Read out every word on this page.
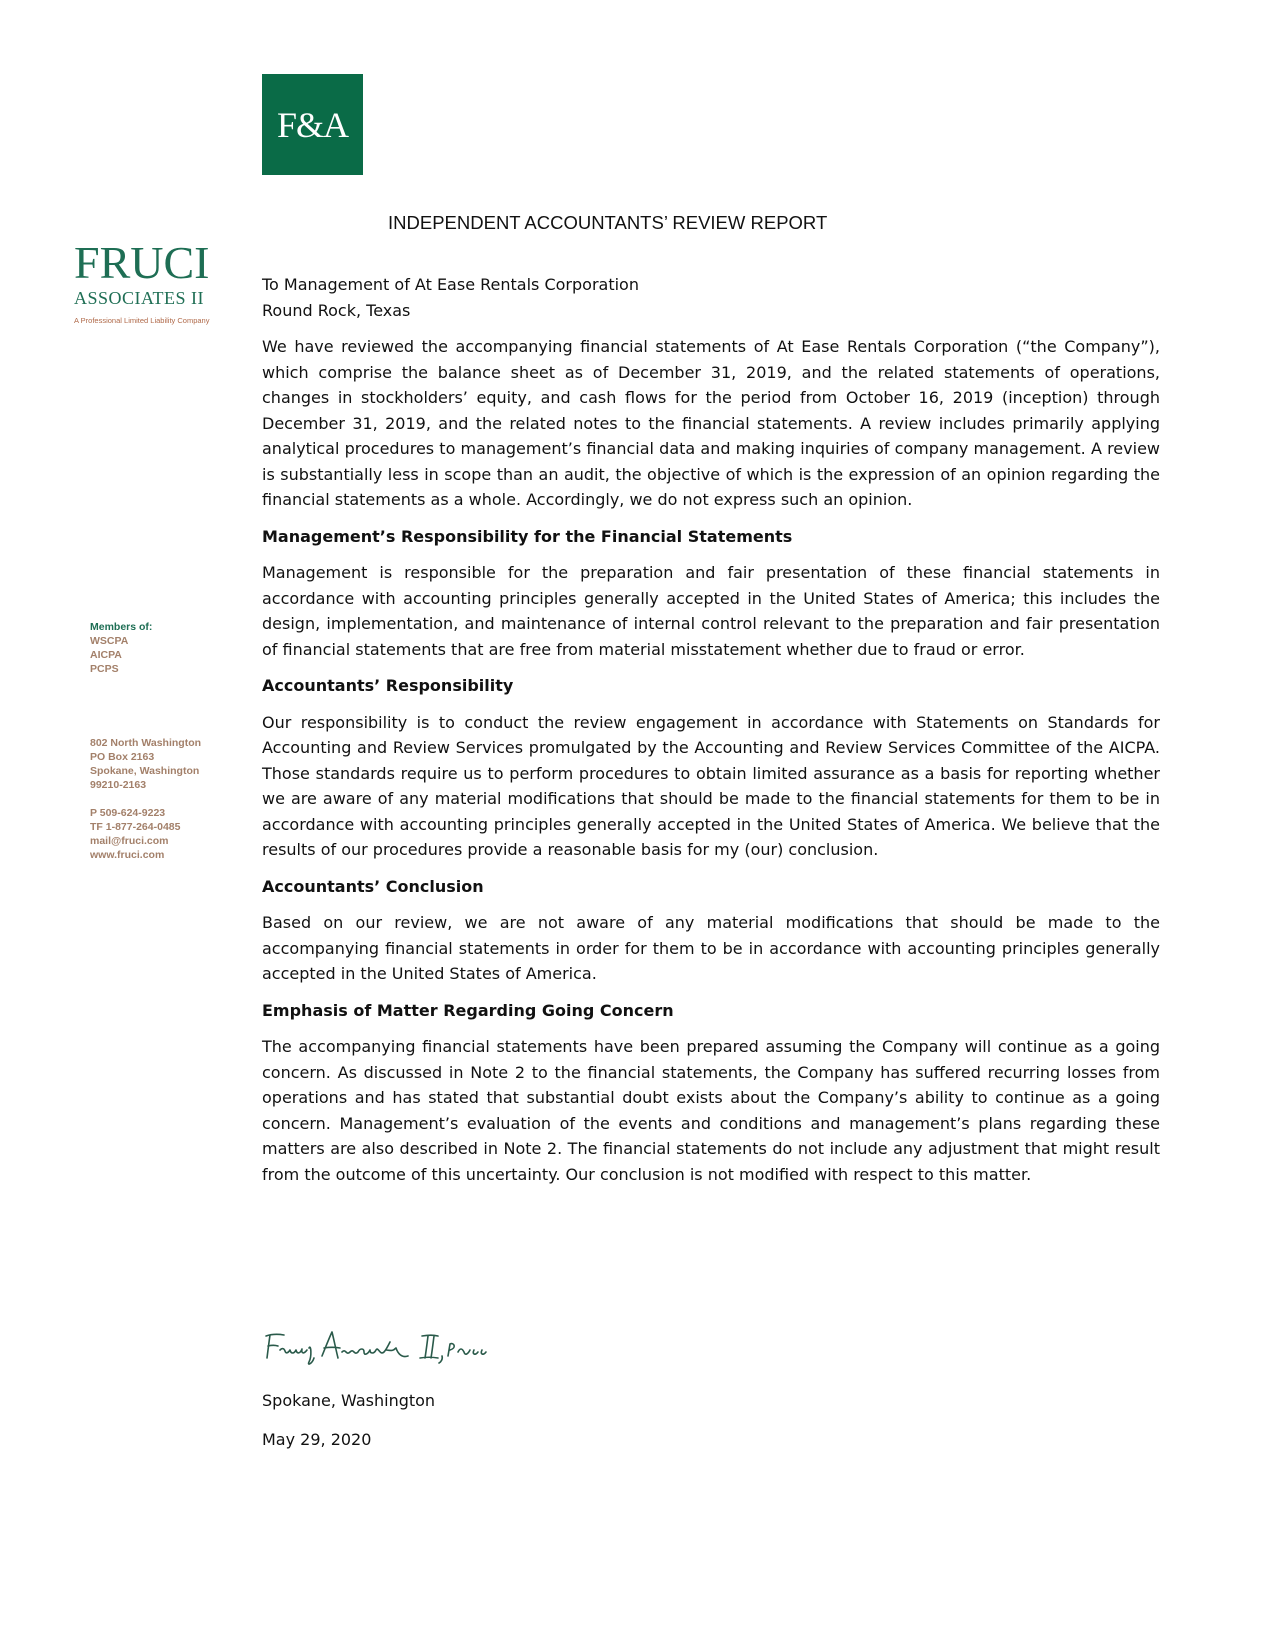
F&A
FRUCI
ASSOCIATES II
A Professional Limited Liability Company
Members of:
WSCPA
AICPA
PCPS
802 North Washington
PO Box 2163
Spokane, Washington
99210-2163
P 509-624-9223
TF 1-877-264-0485
mail@fruci.com
www.fruci.com
INDEPENDENT ACCOUNTANTS’ REVIEW REPORT

To Management of At Ease Rentals Corporation
Round Rock, Texas

We have reviewed the accompanying financial statements of At Ease Rentals Corporation (“the Company”), which comprise the balance sheet as of December 31, 2019, and the related statements of operations, changes in stockholders’ equity, and cash flows for the period from October 16, 2019 (inception) through December 31, 2019, and the related notes to the financial statements. A review includes primarily applying analytical procedures to management’s financial data and making inquiries of company management. A review is substantially less in scope than an audit, the objective of which is the expression of an opinion regarding the financial statements as a whole. Accordingly, we do not express such an opinion.

Management’s Responsibility for the Financial Statements

Management is responsible for the preparation and fair presentation of these financial statements in accordance with accounting principles generally accepted in the United States of America; this includes the design, implementation, and maintenance of internal control relevant to the preparation and fair presentation of financial statements that are free from material misstatement whether due to fraud or error.

Accountants’ Responsibility

Our responsibility is to conduct the review engagement in accordance with Statements on Standards for Accounting and Review Services promulgated by the Accounting and Review Services Committee of the AICPA. Those standards require us to perform procedures to obtain limited assurance as a basis for reporting whether we are aware of any material modifications that should be made to the financial statements for them to be in accordance with accounting principles generally accepted in the United States of America. We believe that the results of our procedures provide a reasonable basis for my (our) conclusion.

Accountants’ Conclusion

Based on our review, we are not aware of any material modifications that should be made to the accompanying financial statements in order for them to be in accordance with accounting principles generally accepted in the United States of America.

Emphasis of Matter Regarding Going Concern

The accompanying financial statements have been prepared assuming the Company will continue as a going concern. As discussed in Note 2 to the financial statements, the Company has suffered recurring losses from operations and has stated that substantial doubt exists about the Company’s ability to continue as a going concern. Management’s evaluation of the events and conditions and management’s plans regarding these matters are also described in Note 2. The financial statements do not include any adjustment that might result from the outcome of this uncertainty. Our conclusion is not modified with respect to this matter.

Spokane, Washington
May 29, 2020
